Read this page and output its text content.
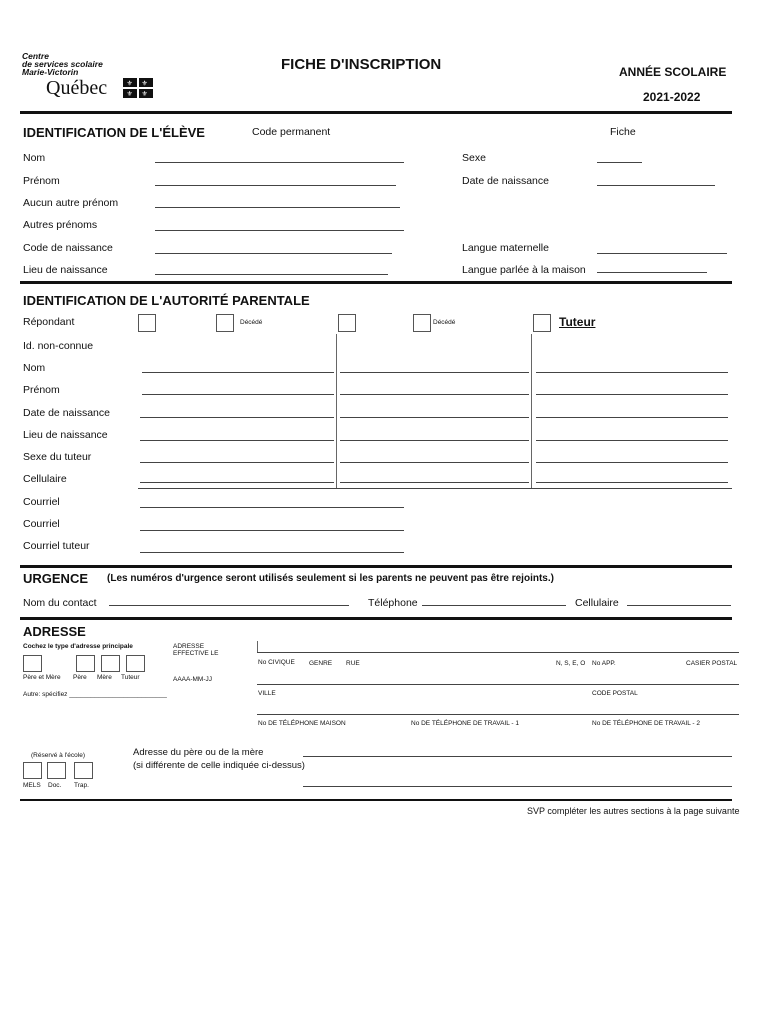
Centre
de services scolaire
Marie-Victorin
Québec	⚜ ⚜
⚜ ⚜
FICHE D'INSCRIPTION	ANNÉE SCOLAIRE
2021-2022
IDENTIFICATION DE L'ÉLÈVE	Code permanent	Fiche
Nom	Sexe
Prénom	Date de naissance
Aucun autre prénom
Autres prénoms
Code de naissance	Langue maternelle
Lieu de naissance	Langue parlée à la maison
IDENTIFICATION DE L'AUTORITÉ PARENTALE
Répondant	Décédé	Décédé	Tuteur
Id. non-connue
Nom
Prénom
Date de naissance
Lieu de naissance
Sexe du tuteur
Cellulaire
Courriel
Courriel
Courriel tuteur
URGENCE (Les numéros d'urgence seront utilisés seulement si les parents ne peuvent pas être rejoints.)
Nom du contact	Téléphone	Cellulaire
ADRESSE
Cochez le type d'adresse principale	ADRESSE
EFFECTIVE LE
Père et Mère Père Mère Tuteur	AAAA-MM-JJ
Autre: spécifiez ___________________________
No CIVIQUE GENRE RUE	N, S, E, O No APP.	CASIER POSTAL
VILLE	CODE POSTAL
No DE TÉLÉPHONE MAISON	No DE TÉLÉPHONE DE TRAVAIL - 1	No DE TÉLÉPHONE DE TRAVAIL - 2
(Réservé à l'école)
MELS Doc. Trap.
Adresse du père ou de la mère
(si différente de celle indiquée ci-dessus)
SVP compléter les autres sections à la page suivante
